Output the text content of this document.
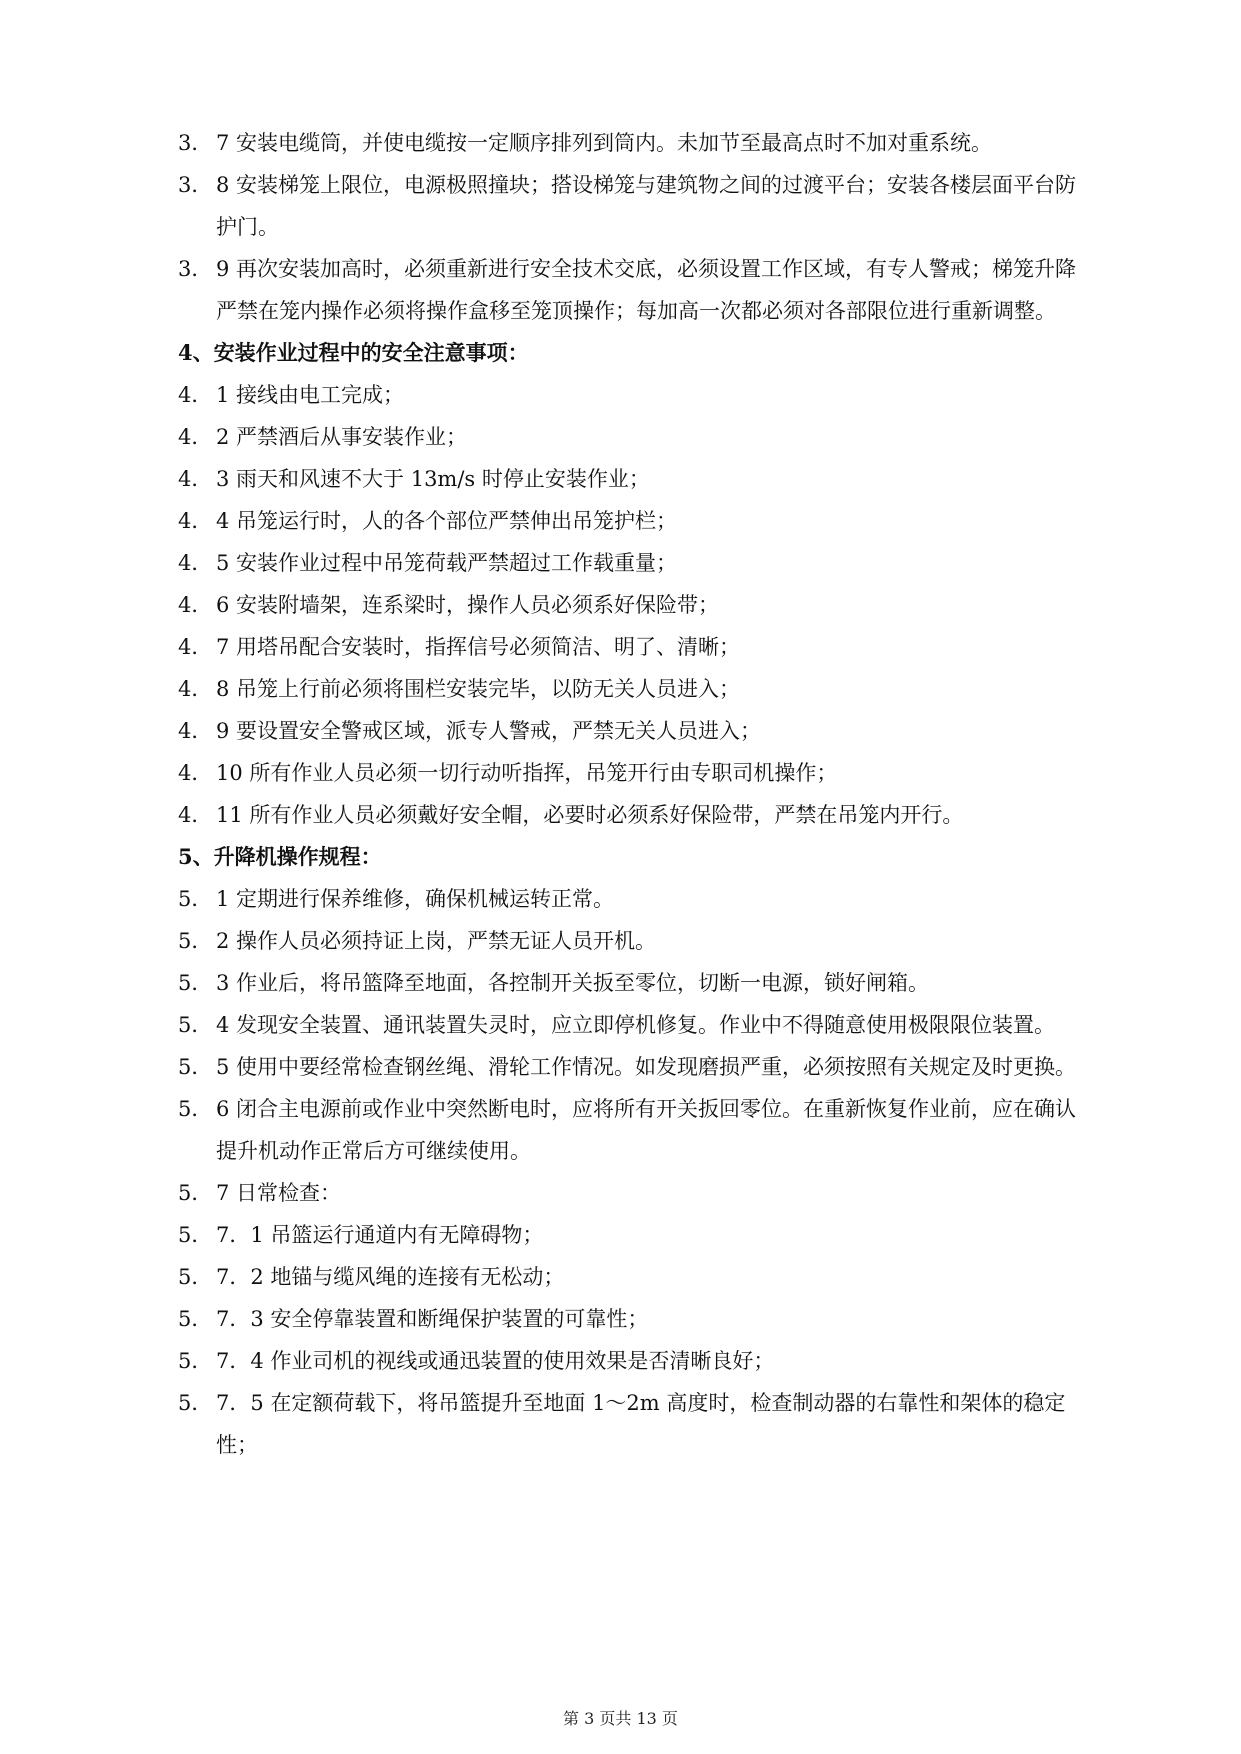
3． 7 安装电缆筒，并使电缆按一定顺序排列到筒内。未加节至最高点时不加对重系统。

3． 8 安装梯笼上限位，电源极照撞块；搭设梯笼与建筑物之间的过渡平台；安装各楼层面平台防护门。

3． 9 再次安装加高时，必须重新进行安全技术交底，必须设置工作区域，有专人警戒；梯笼升降严禁在笼内操作必须将操作盒移至笼顶操作；每加高一次都必须对各部限位进行重新调整。

4、安装作业过程中的安全注意事项：

4． 1 接线由电工完成；

4． 2 严禁酒后从事安装作业；

4． 3 雨天和风速不大于 13m/s 时停止安装作业；

4． 4 吊笼运行时，人的各个部位严禁伸出吊笼护栏；

4． 5 安装作业过程中吊笼荷载严禁超过工作载重量；

4． 6 安装附墙架，连系梁时，操作人员必须系好保险带；

4． 7 用塔吊配合安装时，指挥信号必须简洁、明了、清晰；

4． 8 吊笼上行前必须将围栏安装完毕，以防无关人员进入；

4． 9 要设置安全警戒区域，派专人警戒，严禁无关人员进入；

4． 10 所有作业人员必须一切行动听指挥，吊笼开行由专职司机操作；

4． 11 所有作业人员必须戴好安全帽，必要时必须系好保险带，严禁在吊笼内开行。

5、升降机操作规程：

5． 1 定期进行保养维修，确保机械运转正常。

5． 2 操作人员必须持证上岗，严禁无证人员开机。

5． 3 作业后，将吊篮降至地面，各控制开关扳至零位，切断一电源，锁好闸箱。

5． 4 发现安全装置、通讯装置失灵时，应立即停机修复。作业中不得随意使用极限限位装置。

5． 5 使用中要经常检查钢丝绳、滑轮工作情况。如发现磨损严重，必须按照有关规定及时更换。

5． 6 闭合主电源前或作业中突然断电时，应将所有开关扳回零位。在重新恢复作业前，应在确认提升机动作正常后方可继续使用。

5． 7 日常检查：

5． 7．1 吊篮运行通道内有无障碍物；

5． 7．2 地锚与缆风绳的连接有无松动；

5． 7．3 安全停靠装置和断绳保护装置的可靠性；

5． 7．4 作业司机的视线或通迅装置的使用效果是否清晰良好；

5． 7．5 在定额荷载下，将吊篮提升至地面 1～2m 高度时，检查制动器的右靠性和架体的稳定性；

第 3 页共 13 页
